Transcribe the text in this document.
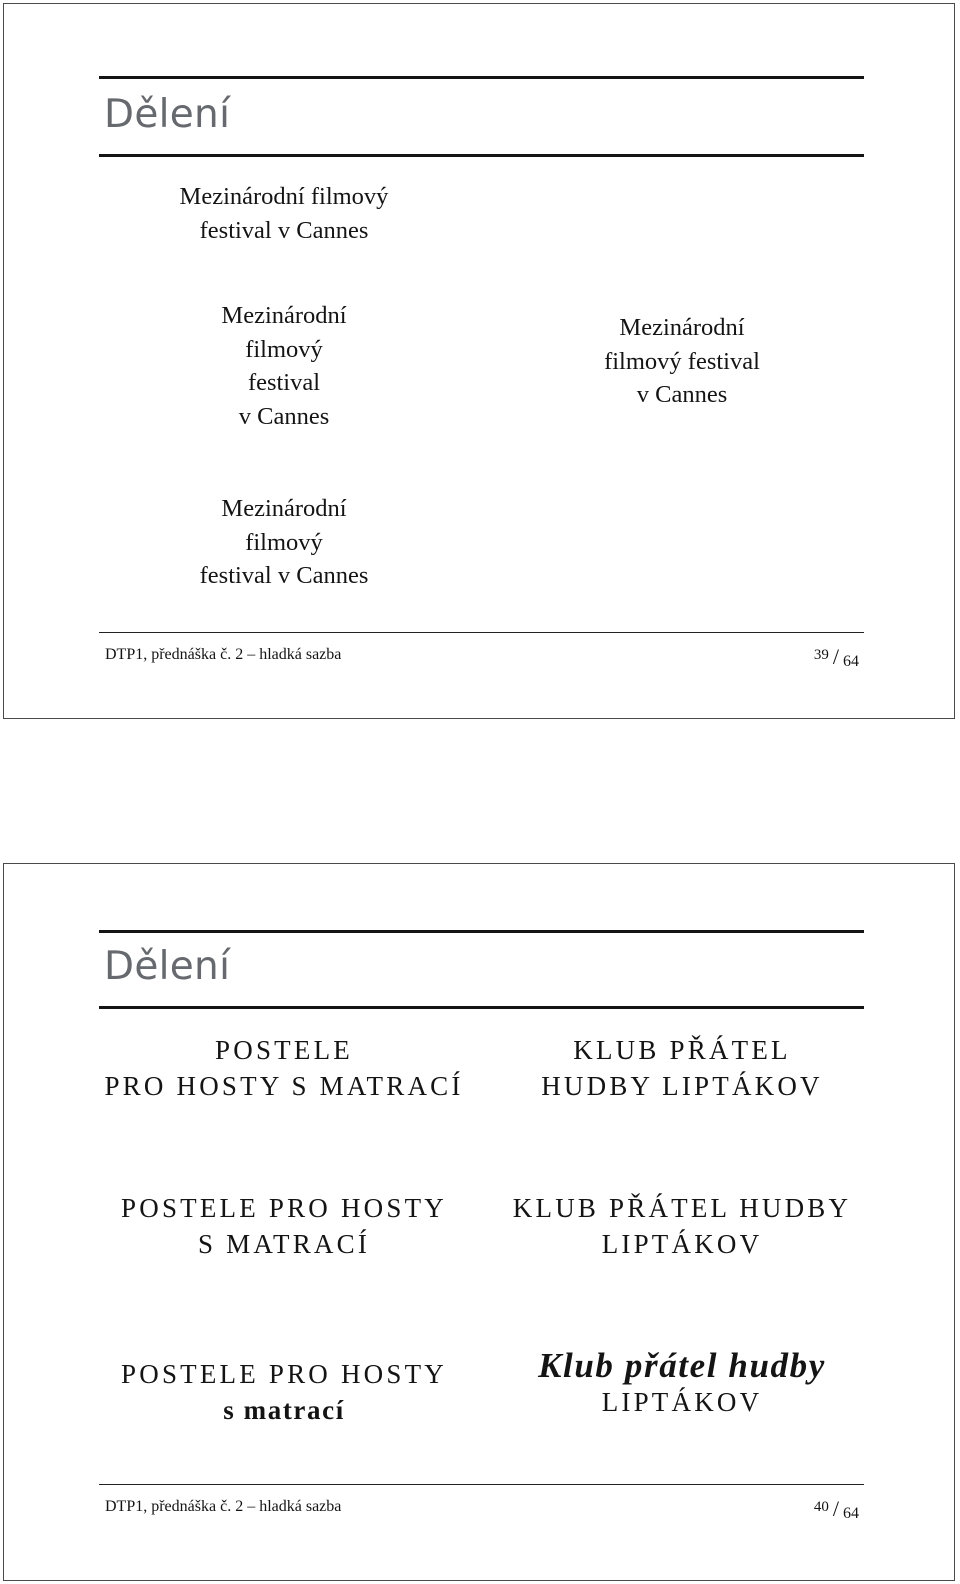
Dělení
Mezinárodní filmový
festival v Cannes
Mezinárodní
filmový
festival
v Cannes
Mezinárodní
filmový festival
v Cannes
Mezinárodní
filmový
festival v Cannes
DTP1, přednáška č. 2 – hladká sazba	39 / 64
Dělení
POSTELE
PRO HOSTY S MATRACÍ
KLUB PŘÁTEL
HUDBY LIPTÁKOV
POSTELE PRO HOSTY
S MATRACÍ
KLUB PŘÁTEL HUDBY
LIPTÁKOV
POSTELE PRO HOSTY
s matrací
Klub přátel hudby
LIPTÁKOV
DTP1, přednáška č. 2 – hladká sazba	40 / 64
